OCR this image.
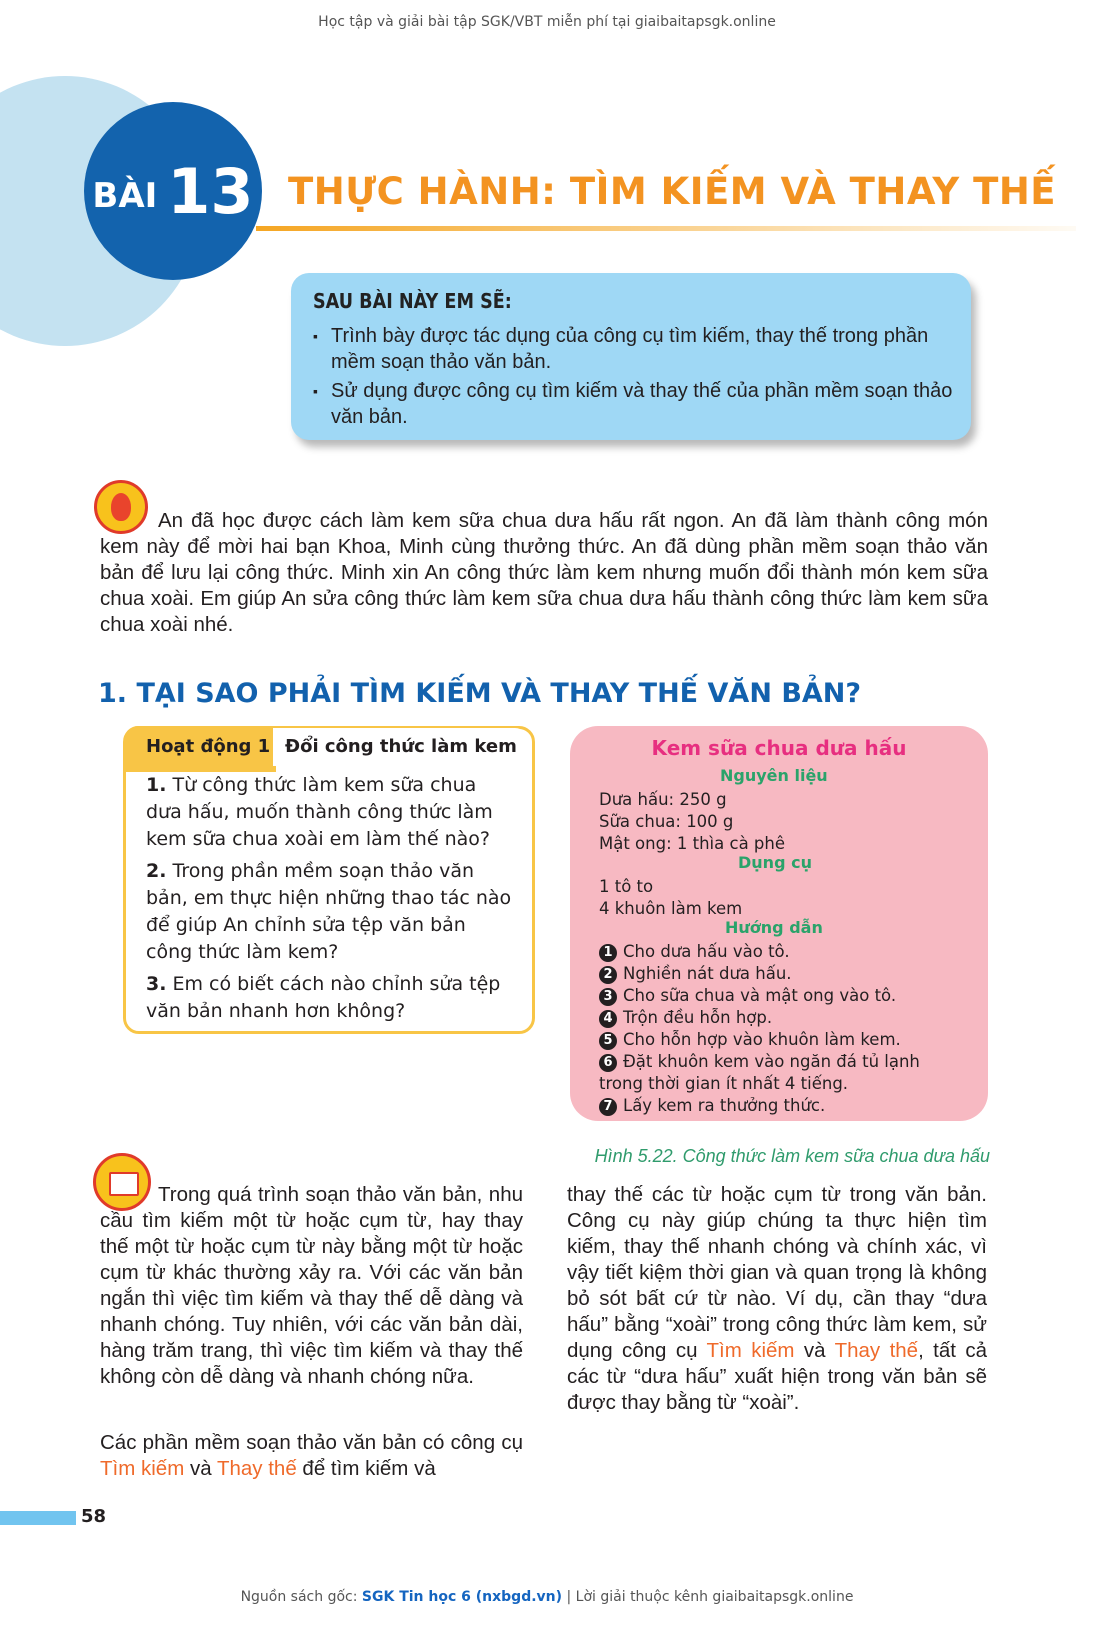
Học tập và giải bài tập SGK/VBT miễn phí tại giaibaitapsgk.online
BÀI 13 THỰC HÀNH: TÌM KIẾM VÀ THAY THẾ
SAU BÀI NÀY EM SẼ:
▪ Trình bày được tác dụng của công cụ tìm kiếm, thay thế trong phần mềm soạn thảo văn bản.
▪ Sử dụng được công cụ tìm kiếm và thay thế của phần mềm soạn thảo văn bản.
An đã học được cách làm kem sữa chua dưa hấu rất ngon. An đã làm thành công món kem này để mời hai bạn Khoa, Minh cùng thưởng thức. An đã dùng phần mềm soạn thảo văn bản để lưu lại công thức. Minh xin An công thức làm kem nhưng muốn đổi thành món kem sữa chua xoài. Em giúp An sửa công thức làm kem sữa chua dưa hấu thành công thức làm kem sữa chua xoài nhé.
1. TẠI SAO PHẢI TÌM KIẾM VÀ THAY THẾ VĂN BẢN?
Hoạt động 1 Đổi công thức làm kem
1. Từ công thức làm kem sữa chua dưa hấu, muốn thành công thức làm kem sữa chua xoài em làm thế nào?
2. Trong phần mềm soạn thảo văn bản, em thực hiện những thao tác nào để giúp An chỉnh sửa tệp văn bản công thức làm kem?
3. Em có biết cách nào chỉnh sửa tệp văn bản nhanh hơn không?
Kem sữa chua dưa hấu
Nguyên liệu
Dưa hấu: 250 g
Sữa chua: 100 g
Mật ong: 1 thìa cà phê
Dụng cụ
1 tô to
4 khuôn làm kem
Hướng dẫn
1 Cho dưa hấu vào tô.
2 Nghiền nát dưa hấu.
3 Cho sữa chua và mật ong vào tô.
4 Trộn đều hỗn hợp.
5 Cho hỗn hợp vào khuôn làm kem.
6 Đặt khuôn kem vào ngăn đá tủ lạnh
trong thời gian ít nhất 4 tiếng.
7 Lấy kem ra thưởng thức.
Hình 5.22. Công thức làm kem sữa chua dưa hấu
Trong quá trình soạn thảo văn bản, nhu cầu tìm kiếm một từ hoặc cụm từ, hay thay thế một từ hoặc cụm từ này bằng một từ hoặc cụm từ khác thường xảy ra. Với các văn bản ngắn thì việc tìm kiếm và thay thế dễ dàng và nhanh chóng. Tuy nhiên, với các văn bản dài, hàng trăm trang, thì việc tìm kiếm và thay thế không còn dễ dàng và nhanh chóng nữa.
Các phần mềm soạn thảo văn bản có công cụ Tìm kiếm và Thay thế để tìm kiếm và
thay thế các từ hoặc cụm từ trong văn bản. Công cụ này giúp chúng ta thực hiện tìm kiếm, thay thế nhanh chóng và chính xác, vì vậy tiết kiệm thời gian và quan trọng là không bỏ sót bất cứ từ nào. Ví dụ, cần thay “dưa hấu” bằng “xoài” trong công thức làm kem, sử dụng công cụ Tìm kiếm và Thay thế, tất cả các từ “dưa hấu” xuất hiện trong văn bản sẽ được thay bằng từ “xoài”.
58
Nguồn sách gốc: SGK Tin học 6 (nxbgd.vn) | Lời giải thuộc kênh giaibaitapsgk.online
